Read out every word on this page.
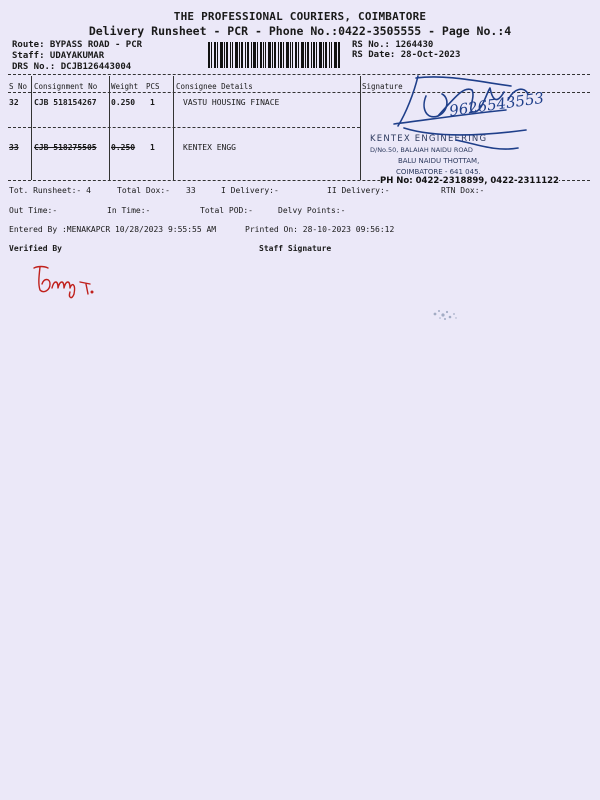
THE PROFESSIONAL COURIERS, COIMBATORE
Delivery Runsheet - PCR - Phone No.:0422-3505555 - Page No.:4
Route: BYPASS ROAD - PCR
Staff: UDAYAKUMAR
DRS No.: DCJB126443004
RS No.: 1264430
RS Date: 28-Oct-2023
S No Consignment No Weight PCS Consignee Details	Signature
32 CJB 518154267 0.250 1	VASTU HOUSING FINACE
33 CJB 518275505 0.250 1	KENTEX ENGG
KENTEX ENGINEERING
D/No.50, BALAIAH NAIDU ROAD
BALU NAIDU THOTTAM,
COIMBATORE - 641 045.
PH No: 0422-2318899, 0422-2311122
9626543553
Tot. Runsheet:- 4	Total Dox:- 33	I Delivery:-	II Delivery:-	RTN Dox:-
Out Time:-	In Time:-	Total POD:-	Delvy Points:-
Entered By :MENAKAPCR 10/28/2023 9:55:55 AM	Printed On: 28-10-2023 09:56:12
Verified By	Staff Signature
